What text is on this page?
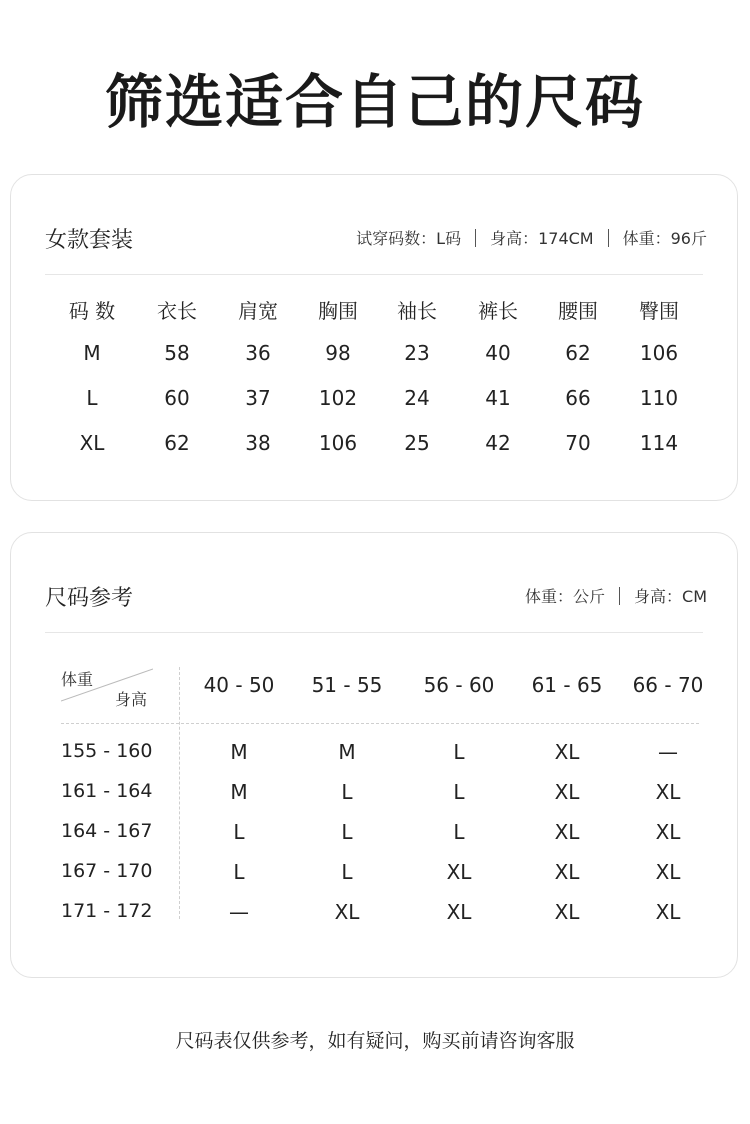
筛选适合自己的尺码
女款套装	试穿码数：L码 身高：174CM 体重：96斤
码 数	衣长	肩宽	胸围	袖长	裤长	腰围	臀围
M	58	36	98	23	40	62	106
L	60	37	102	24	41	66	110
XL	62	38	106	25	42	70	114
尺码参考	体重：公斤 身高：CM
体重
身高
40 - 50	51 - 55	56 - 60	61 - 65	66 - 70
155 - 160	M	M	L	XL	—
161 - 164	M	L	L	XL	XL
164 - 167	L	L	L	XL	XL
167 - 170	L	L	XL	XL	XL
171 - 172	—	XL	XL	XL	XL
尺码表仅供参考，如有疑问，购买前请咨询客服
